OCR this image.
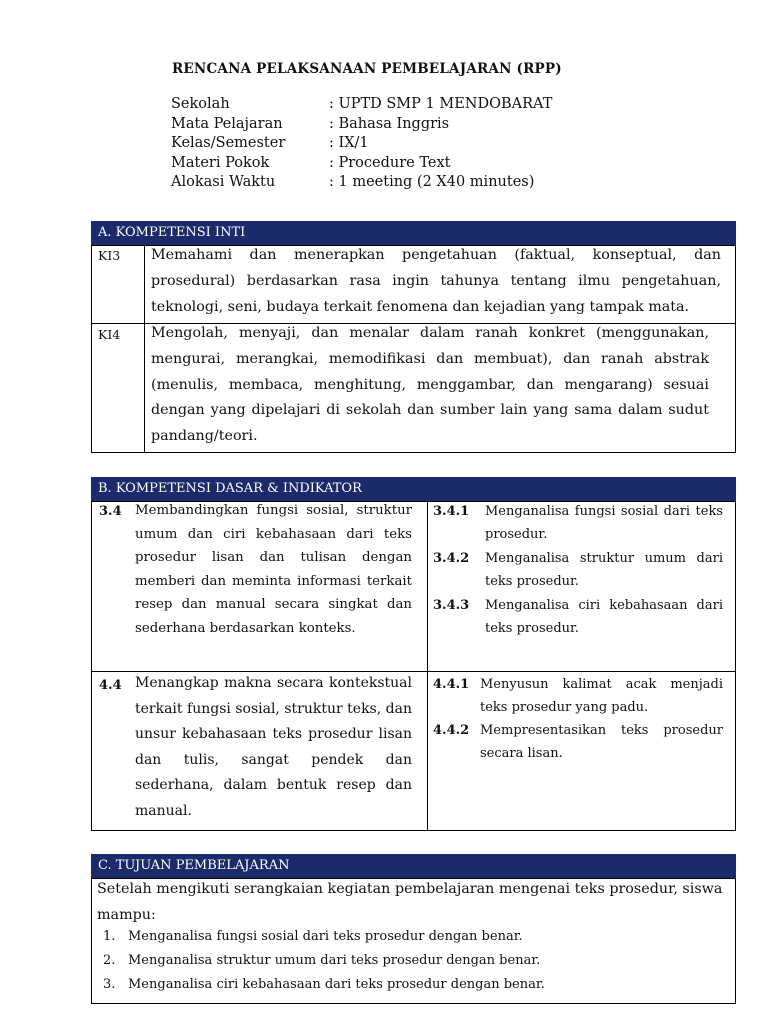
RENCANA PELAKSANAAN PEMBELAJARAN (RPP)
Sekolah	: UPTD SMP 1 MENDOBARAT
Mata Pelajaran	: Bahasa Inggris
Kelas/Semester	: IX/1
Materi Pokok	: Procedure Text
Alokasi Waktu	: 1 meeting (2 X40 minutes)
A. KOMPETENSI INTI
KI3 Memahami dan menerapkan pengetahuan (faktual, konseptual, dan prosedural) berdasarkan rasa ingin tahunya tentang ilmu pengetahuan, teknologi, seni, budaya terkait fenomena dan kejadian yang tampak mata.
KI4 Mengolah, menyaji, dan menalar dalam ranah konkret (menggunakan, mengurai, merangkai, memodifikasi dan membuat), dan ranah abstrak (menulis, membaca, menghitung, menggambar, dan mengarang) sesuai dengan yang dipelajari di sekolah dan sumber lain yang sama dalam sudut pandang/teori.
B. KOMPETENSI DASAR & INDIKATOR
3.4 Membandingkan fungsi sosial, struktur umum dan ciri kebahasaan dari teks prosedur lisan dan tulisan dengan memberi dan meminta informasi terkait resep dan manual secara singkat dan sederhana berdasarkan konteks.
3.4.1 Menganalisa fungsi sosial dari teks prosedur.
3.4.2 Menganalisa struktur umum dari teks prosedur.
3.4.3 Menganalisa ciri kebahasaan dari teks prosedur.
4.4 Menangkap makna secara kontekstual terkait fungsi sosial, struktur teks, dan unsur kebahasaan teks prosedur lisan dan tulis, sangat pendek dan sederhana, dalam bentuk resep dan manual.
4.4.1 Menyusun kalimat acak menjadi teks prosedur yang padu.
4.4.2 Mempresentasikan teks prosedur secara lisan.
C. TUJUAN PEMBELAJARAN
Setelah mengikuti serangkaian kegiatan pembelajaran mengenai teks prosedur, siswa mampu:
1. Menganalisa fungsi sosial dari teks prosedur dengan benar.
2. Menganalisa struktur umum dari teks prosedur dengan benar.
3. Menganalisa ciri kebahasaan dari teks prosedur dengan benar.
